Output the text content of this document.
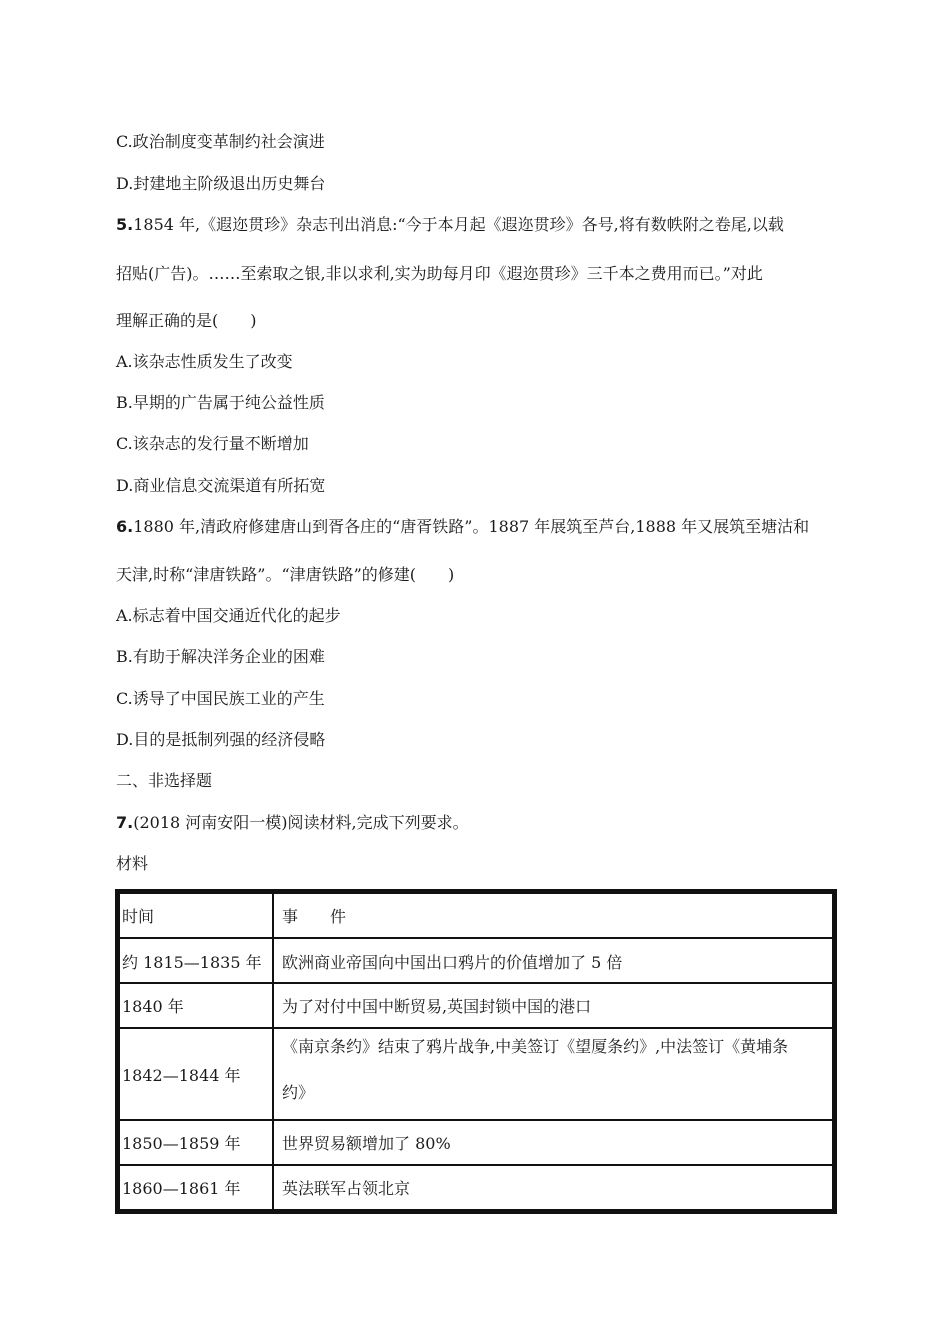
C.政治制度变革制约社会演进
D.封建地主阶级退出历史舞台
5.1854 年,《遐迩贯珍》杂志刊出消息:“今于本月起《遐迩贯珍》各号,将有数帙附之卷尾,以载
招贴(广告)。……至索取之银,非以求利,实为助每月印《遐迩贯珍》三千本之费用而已。”对此
理解正确的是(　　)
A.该杂志性质发生了改变
B.早期的广告属于纯公益性质
C.该杂志的发行量不断增加
D.商业信息交流渠道有所拓宽
6.1880 年,清政府修建唐山到胥各庄的“唐胥铁路”。1887 年展筑至芦台,1888 年又展筑至塘沽和
天津,时称“津唐铁路”。“津唐铁路”的修建(　　)
A.标志着中国交通近代化的起步
B.有助于解决洋务企业的困难
C.诱导了中国民族工业的产生
D.目的是抵制列强的经济侵略
二、非选择题
7.(2018 河南安阳一模)阅读材料,完成下列要求。
材料
时间	事　　件
约 1815—1835 年	欧洲商业帝国向中国出口鸦片的价值增加了 5 倍
1840 年	为了对付中国中断贸易,英国封锁中国的港口
1842—1844 年	《南京条约》结束了鸦片战争,中美签订《望厦条约》,中法签订《黄埔条
约》

1850—1859 年	世界贸易额增加了 80%
1860—1861 年	英法联军占领北京
